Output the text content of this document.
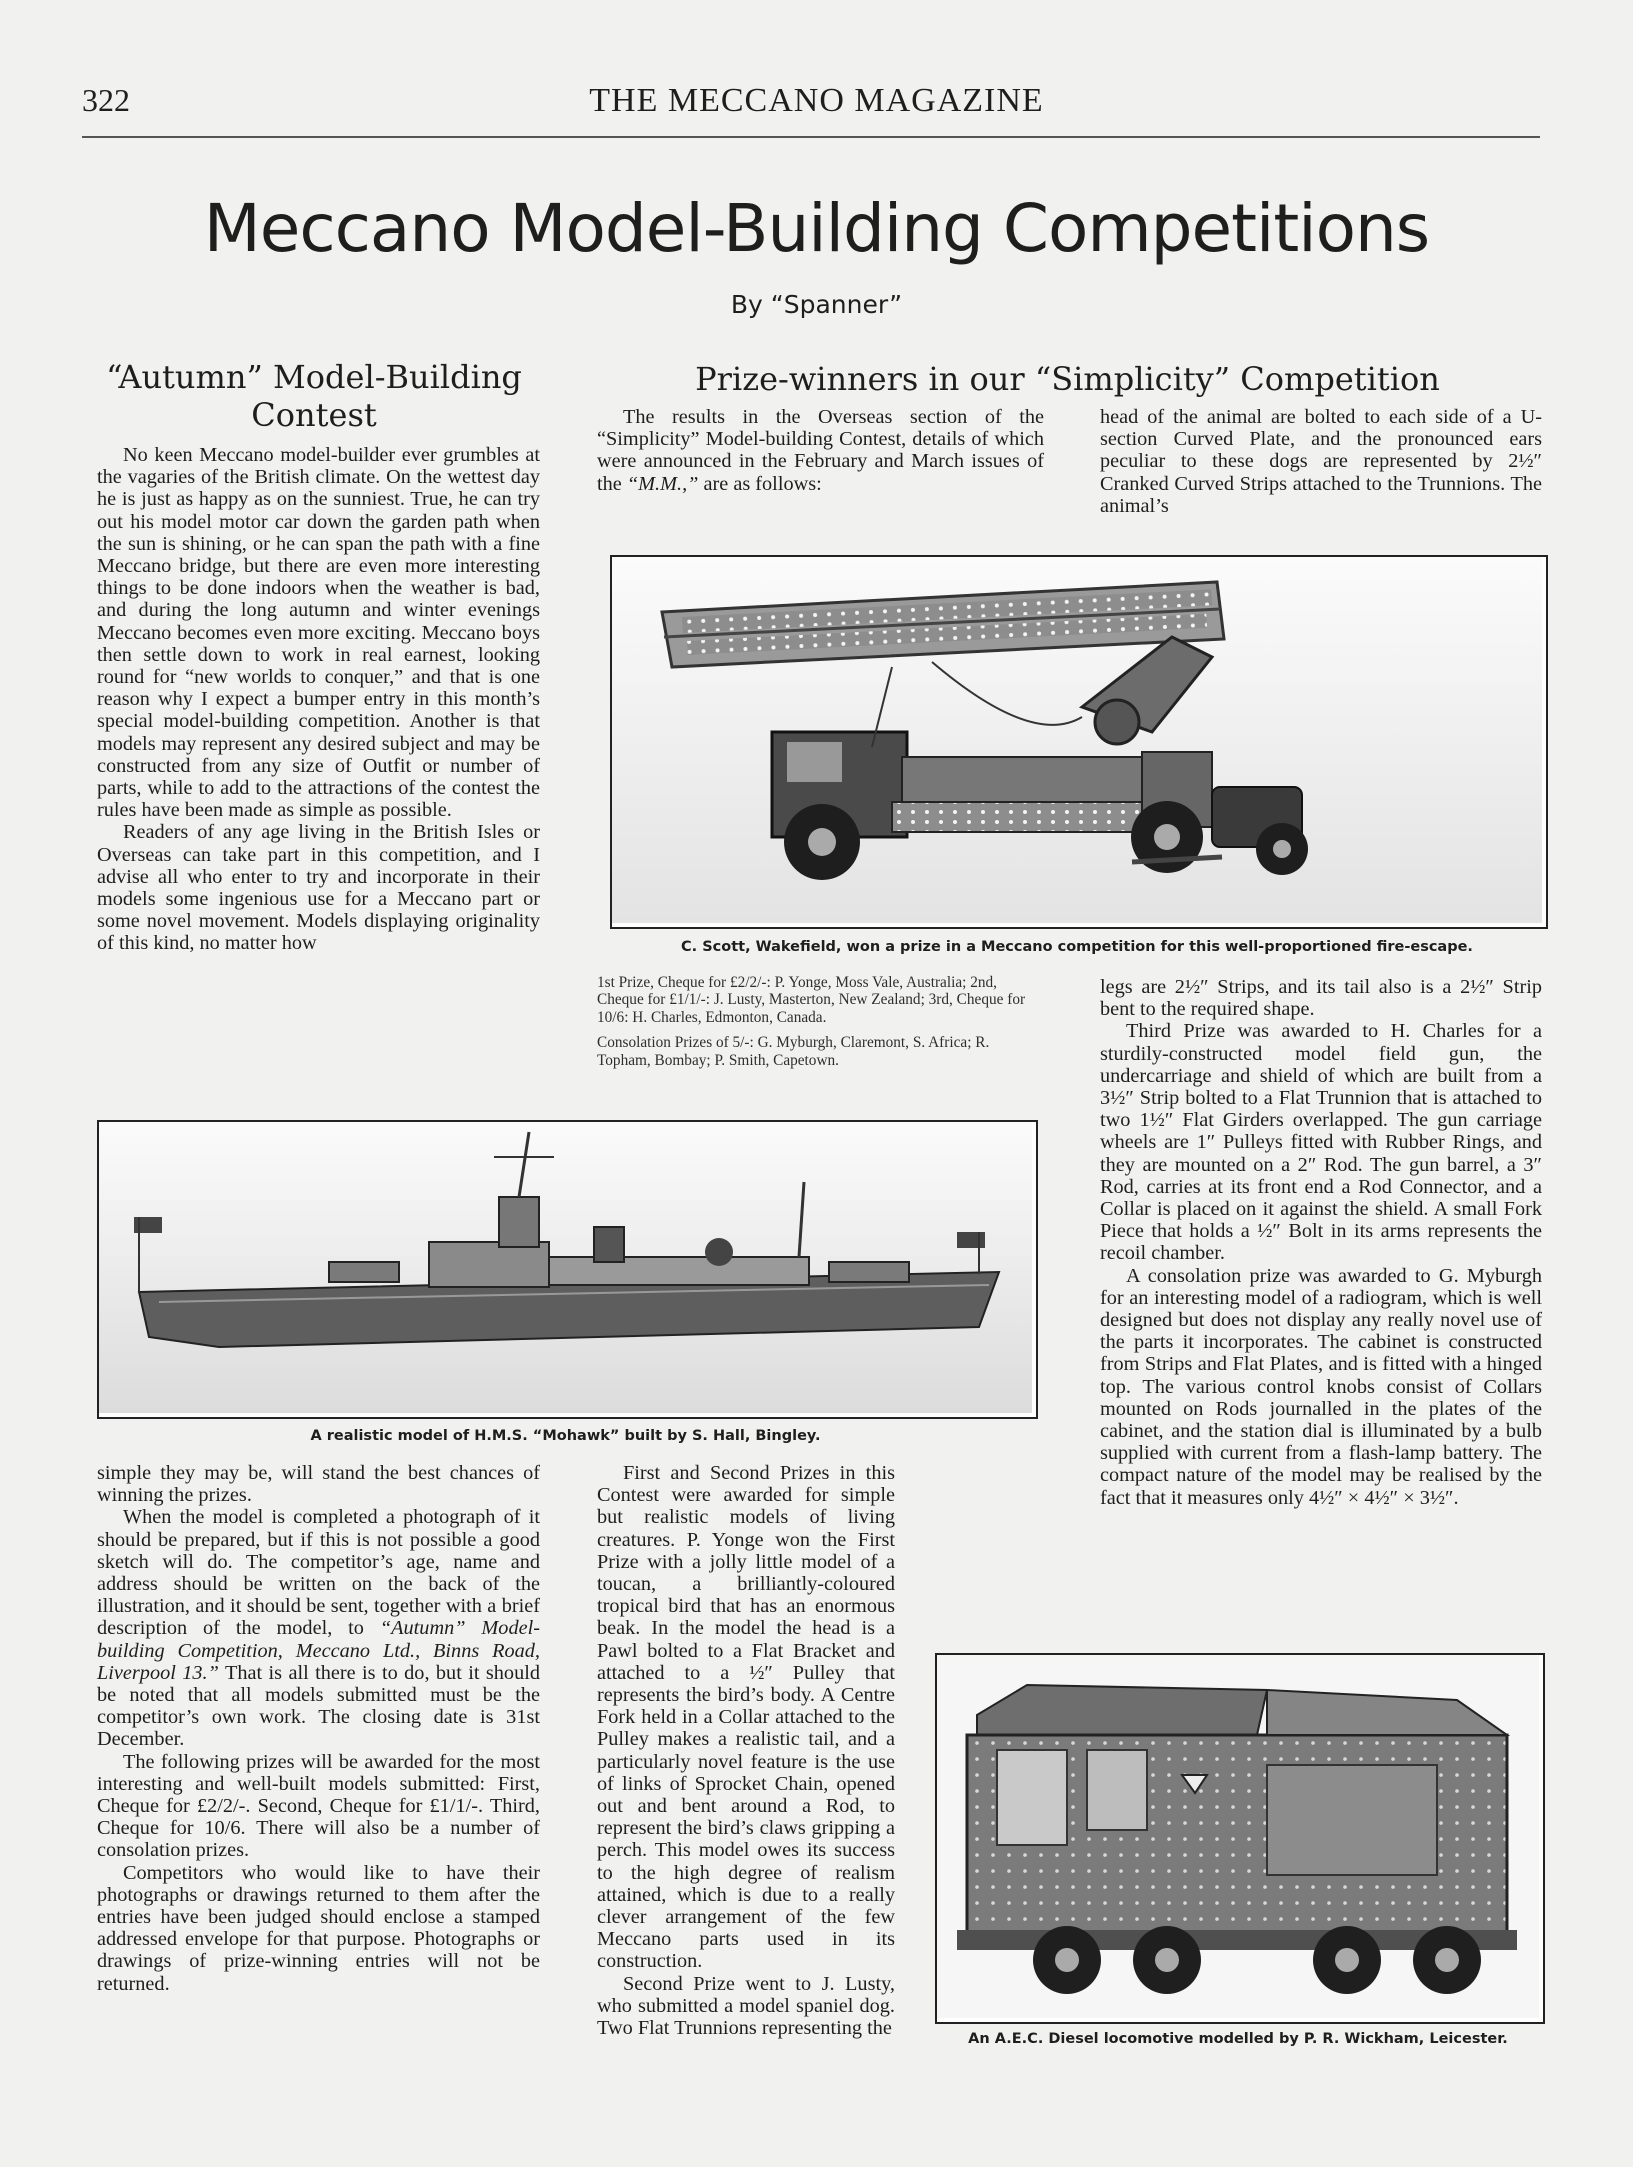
322	THE MECCANO MAGAZINE
Meccano Model-Building Competitions
By “Spanner”
“Autumn” Model-Building Contest
Prize-winners in our “Simplicity” Competition

No keen Meccano model-builder ever grumbles at the vagaries of the British climate. On the wettest day he is just as happy as on the sunniest. True, he can try out his model motor car down the garden path when the sun is shining, or he can span the path with a fine Meccano bridge, but there are even more interesting things to be done indoors when the weather is bad, and during the long autumn and winter evenings Meccano becomes even more exciting. Meccano boys then settle down to work in real earnest, looking round for “new worlds to conquer,” and that is one reason why I expect a bumper entry in this month’s special model-building competition. Another is that models may represent any desired subject and may be constructed from any size of Outfit or number of parts, while to add to the attractions of the contest the rules have been made as simple as possible.

Readers of any age living in the British Isles or Overseas can take part in this competition, and I advise all who enter to try and incorporate in their models some ingenious use for a Meccano part or some novel movement. Models displaying originality of this kind, no matter how

The results in the Overseas section of the “Simplicity” Model-building Contest, details of which were announced in the February and March issues of the “M.M.,” are as follows:

head of the animal are bolted to each side of a U-section Curved Plate, and the pronounced ears peculiar to these dogs are represented by 2½″ Cranked Curved Strips attached to the Trunnions. The animal’s

C. Scott, Wakefield, won a prize in a Meccano competition for this well-proportioned fire-escape.

1st Prize, Cheque for £2/2/-: P. Yonge, Moss Vale, Australia; 2nd, Cheque for £1/1/-: J. Lusty, Masterton, New Zealand; 3rd, Cheque for 10/6: H. Charles, Edmonton, Canada.

Consolation Prizes of 5/-: G. Myburgh, Claremont, S. Africa; R. Topham, Bombay; P. Smith, Capetown.

legs are 2½″ Strips, and its tail also is a 2½″ Strip bent to the required shape.

Third Prize was awarded to H. Charles for a sturdily-constructed model field gun, the undercarriage and shield of which are built from a 3½″ Strip bolted to a Flat Trunnion that is attached to two 1½″ Flat Girders overlapped. The gun carriage wheels are 1″ Pulleys fitted with Rubber Rings, and they are mounted on a 2″ Rod. The gun barrel, a 3″ Rod, carries at its front end a Rod Connector, and a Collar is placed on it against the shield. A small Fork Piece that holds a ½″ Bolt in its arms represents the recoil chamber.

A consolation prize was awarded to G. Myburgh for an interesting model of a radiogram, which is well designed but does not display any really novel use of the parts it incorporates. The cabinet is constructed from Strips and Flat Plates, and is fitted with a hinged top. The various control knobs consist of Collars mounted on Rods journalled in the plates of the cabinet, and the station dial is illuminated by a bulb supplied with current from a flash-lamp battery. The compact nature of the model may be realised by the fact that it measures only 4½″ × 4½″ × 3½″.

A realistic model of H.M.S. “Mohawk” built by S. Hall, Bingley.

simple they may be, will stand the best chances of winning the prizes.

When the model is completed a photograph of it should be prepared, but if this is not possible a good sketch will do. The competitor’s age, name and address should be written on the back of the illustration, and it should be sent, together with a brief description of the model, to “Autumn” Model-building Competition, Meccano Ltd., Binns Road, Liverpool 13.” That is all there is to do, but it should be noted that all models submitted must be the competitor’s own work. The closing date is 31st December.

The following prizes will be awarded for the most interesting and well-built models submitted: First, Cheque for £2/2/-. Second, Cheque for £1/1/-. Third, Cheque for 10/6. There will also be a number of consolation prizes.

Competitors who would like to have their photographs or drawings returned to them after the entries have been judged should enclose a stamped addressed envelope for that purpose. Photographs or drawings of prize-winning entries will not be returned.

First and Second Prizes in this Contest were awarded for simple but realistic models of living creatures. P. Yonge won the First Prize with a jolly little model of a toucan, a brilliantly-coloured tropical bird that has an enormous beak. In the model the head is a Pawl bolted to a Flat Bracket and attached to a ½″ Pulley that represents the bird’s body. A Centre Fork held in a Collar attached to the Pulley makes a realistic tail, and a particularly novel feature is the use of links of Sprocket Chain, opened out and bent around a Rod, to represent the bird’s claws gripping a perch. This model owes its success to the high degree of realism attained, which is due to a really clever arrangement of the few Meccano parts used in its construction.

Second Prize went to J. Lusty, who submitted a model spaniel dog. Two Flat Trunnions representing the	An A.E.C. Diesel locomotive modelled by P. R. Wickham, Leicester.
